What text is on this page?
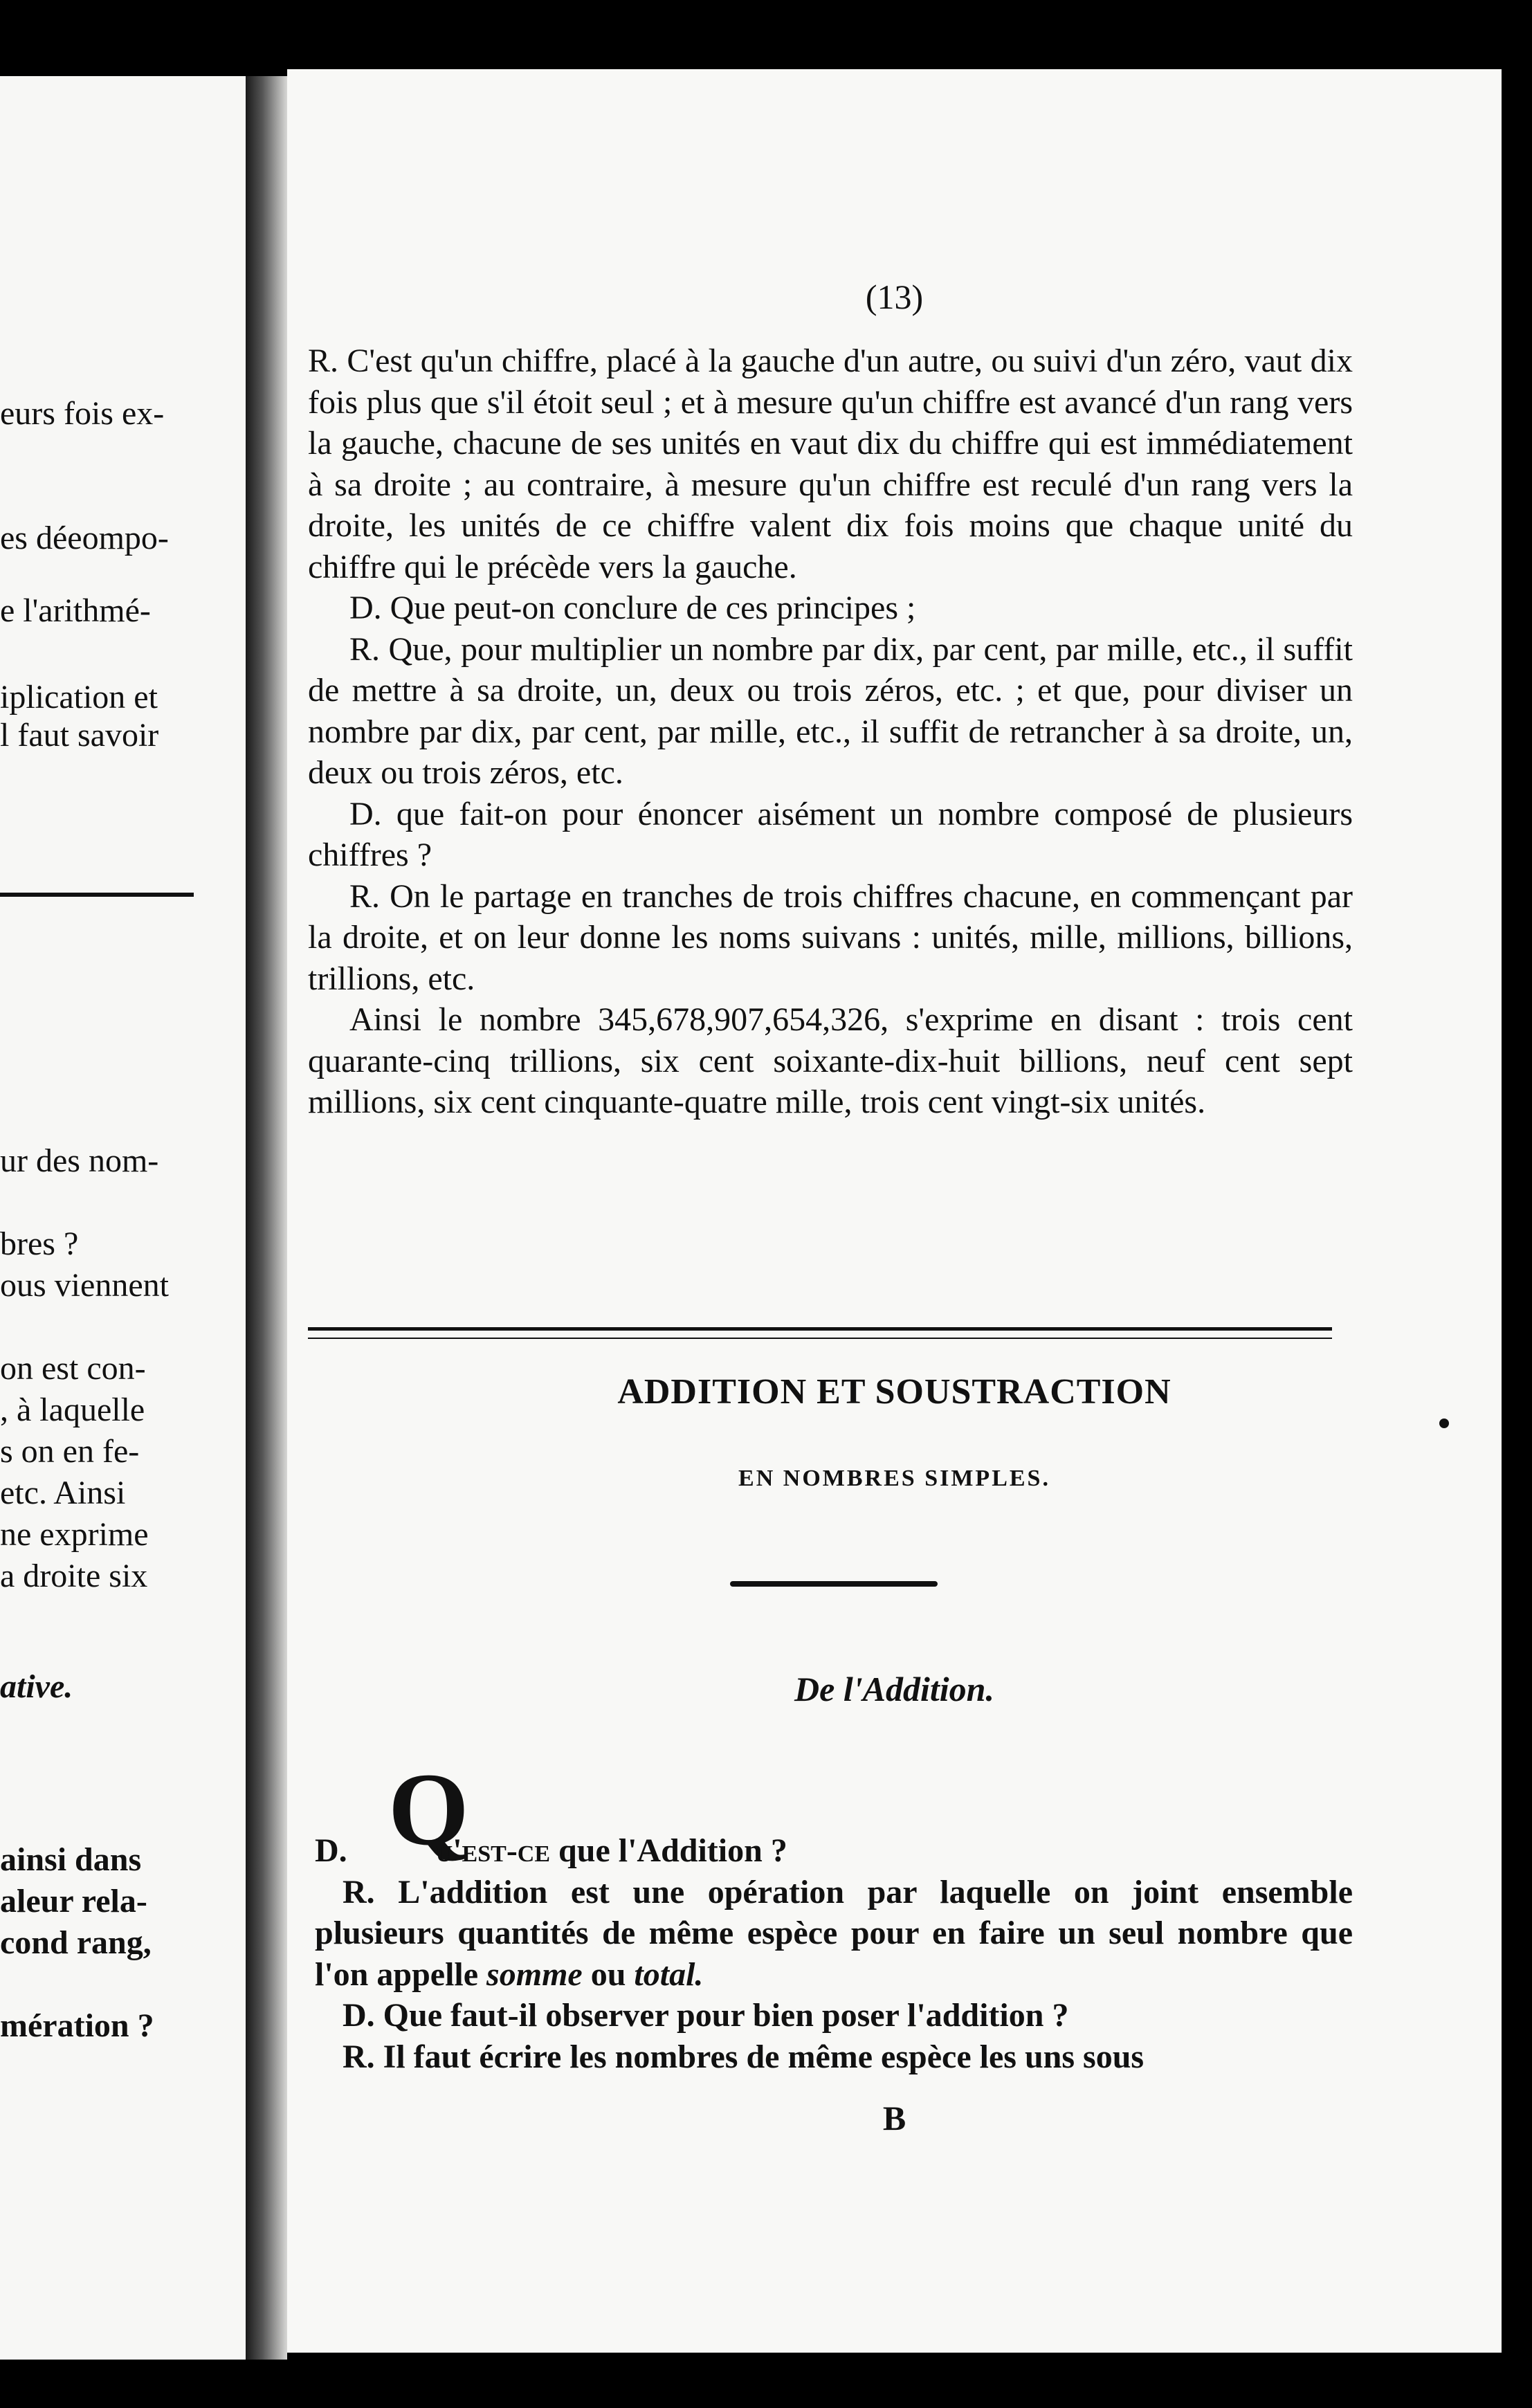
eurs fois ex-
es déeompo-
e l'arithmé-
iplication et
l faut savoir
ur des nom-
bres ?
ous viennent
on est con-
, à laquelle
s on en fe-
etc. Ainsi
ne exprime
a droite six
ative.
ainsi dans
aleur rela-
cond rang,
mération ?
(13)

R. C'est qu'un chiffre, placé à la gauche d'un autre, ou suivi d'un zéro, vaut dix fois plus que s'il étoit seul ; et à mesure qu'un chiffre est avancé d'un rang vers la gauche, chacune de ses unités en vaut dix du chiffre qui est immédiatement à sa droite ; au contraire, à mesure qu'un chiffre est reculé d'un rang vers la droite, les unités de ce chiffre valent dix fois moins que chaque unité du chiffre qui le précède vers la gauche.

D. Que peut-on conclure de ces principes ;

R. Que, pour multiplier un nombre par dix, par cent, par mille, etc., il suffit de mettre à sa droite, un, deux ou trois zéros, etc. ; et que, pour diviser un nombre par dix, par cent, par mille, etc., il suffit de retrancher à sa droite, un, deux ou trois zéros, etc.

D. que fait-on pour énoncer aisément un nombre composé de plusieurs chiffres ?

R. On le partage en tranches de trois chiffres chacune, en commençant par la droite, et on leur donne les noms suivans : unités, mille, millions, billions, trillions, etc.

Ainsi le nombre 345,678,907,654,326, s'exprime en disant : trois cent quarante-cinq trillions, six cent soixante-dix-huit billions, neuf cent sept millions, six cent cinquante-quatre mille, trois cent vingt-six unités.

ADDITION ET SOUSTRACTION
EN NOMBRES SIMPLES.
De l'Addition.
Q

D.	u'est-ce que l'Addition ?

R. L'addition est une opération par laquelle on joint ensemble plusieurs quantités de même espèce pour en faire un seul nombre que l'on appelle somme ou total.

D. Que faut-il observer pour bien poser l'addition ?

R. Il faut écrire les nombres de même espèce les uns sous

B
